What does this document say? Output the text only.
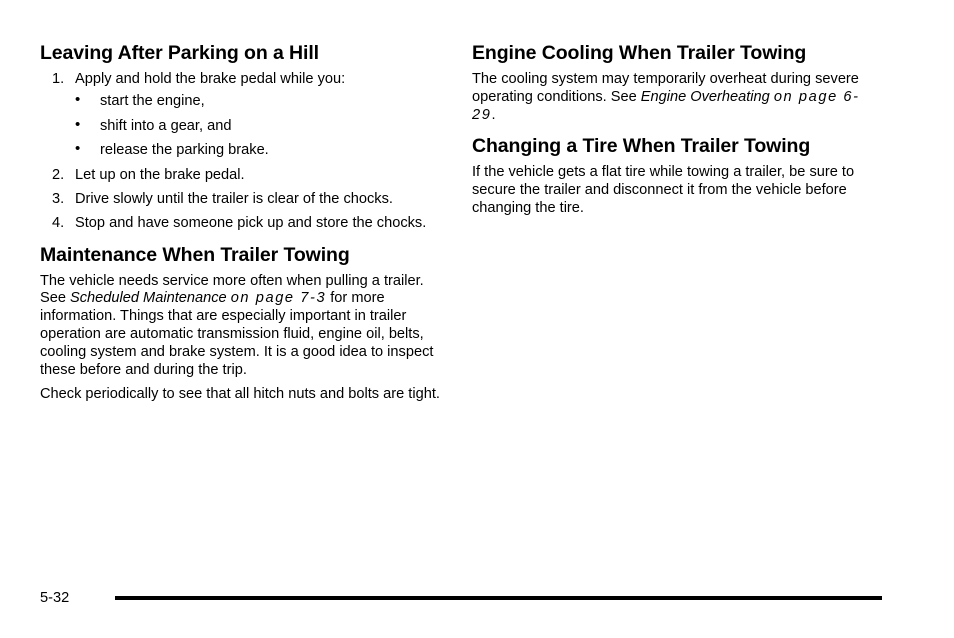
Leaving After Parking on a Hill
1. Apply and hold the brake pedal while you:
• start the engine,
• shift into a gear, and
• release the parking brake.
2. Let up on the brake pedal.
3. Drive slowly until the trailer is clear of the chocks.
4. Stop and have someone pick up and store the chocks.
Maintenance When Trailer Towing

The vehicle needs service more often when pulling a trailer. See Scheduled Maintenance on page 7-3 for more information. Things that are especially important in trailer operation are automatic transmission fluid, engine oil, belts, cooling system and brake system. It is a good idea to inspect these before and during the trip.

Check periodically to see that all hitch nuts and bolts are tight.

Engine Cooling When Trailer Towing

The cooling system may temporarily overheat during severe operating conditions. See Engine Overheating on page 6-29.

Changing a Tire When Trailer Towing

If the vehicle gets a flat tire while towing a trailer, be sure to secure the trailer and disconnect it from the vehicle before changing the tire.

5-32
